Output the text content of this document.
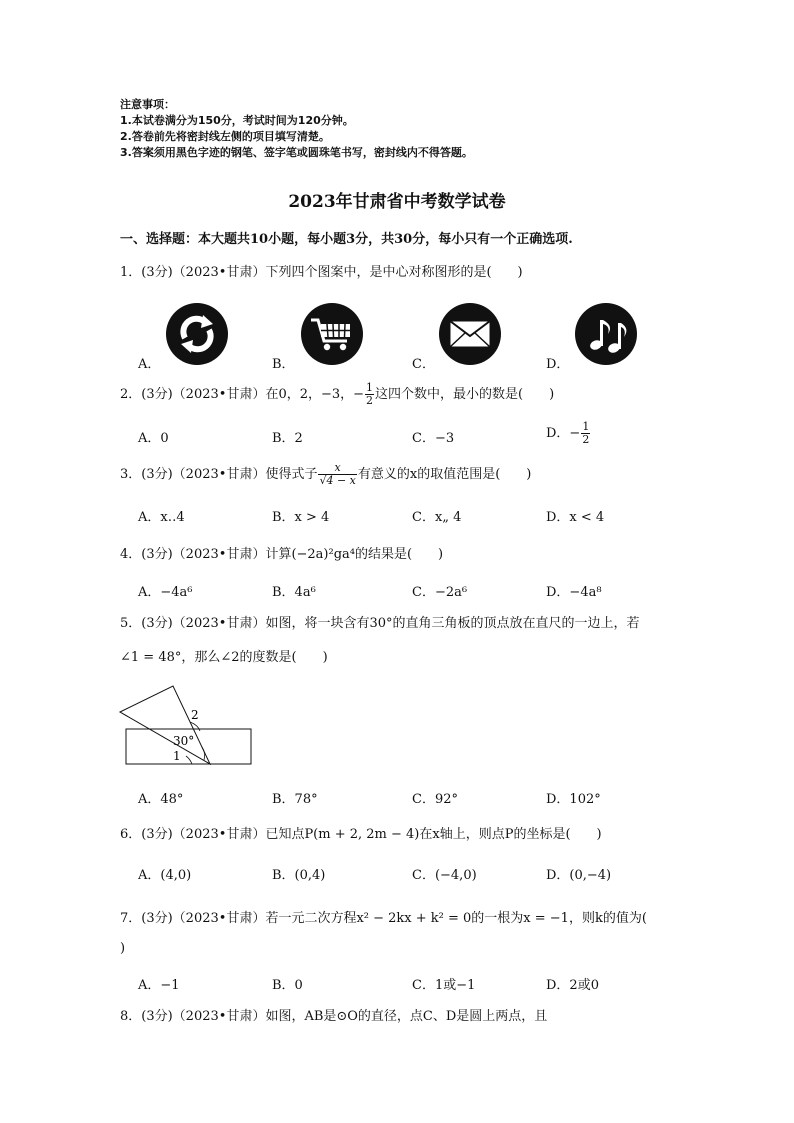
注意事项：
1.本试卷满分为150分，考试时间为120分钟。
2.答卷前先将密封线左侧的项目填写清楚。
3.答案须用黑色字迹的钢笔、签字笔或圆珠笔书写，密封线内不得答题。
2023年甘肃省中考数学试卷
一、选择题：本大题共10小题，每小题3分，共30分，每小只有一个正确选项.
1．(3分)（2023•甘肃）下列四个图案中，是中心对称图形的是(　　)
A．	B．	C．	D．
2．(3分)（2023•甘肃）在0，2，−3，− $\frac{1}{2}$ 这四个数中，最小的数是(　　)
A．0	B．2	C．−3	D．− $\frac{1}{2}$
3．(3分)（2023•甘肃）使得式子 $\frac{x}{√4 - x}$ 有意义的x的取值范围是(　　)
A．x‥4	B．x > 4	C．x„ 4	D．x < 4
4．(3分)（2023•甘肃）计算(−2a)²ga⁴的结果是(　　)
A．−4a⁶	B．4a⁶	C．−2a⁶	D．−4a⁸
5．(3分)（2023•甘肃）如图，将一块含有30°的直角三角板的顶点放在直尺的一边上，若
∠1 = 48°，那么∠2的度数是(　　)
2
30°
1
A．48°	B．78°	C．92°	D．102°
6．(3分)（2023•甘肃）已知点P(m + 2, 2m − 4)在x轴上，则点P的坐标是(　　)
A．(4,0)	B．(0,4)	C．(−4,0)	D．(0,−4)
7．(3分)（2023•甘肃）若一元二次方程x² − 2kx + k² = 0的一根为x = −1，则k的值为(
)
A．−1	B．0	C．1或−1	D．2或0
8．(3分)（2023•甘肃）如图，AB是⊙O的直径，点C、D是圆上两点，且
